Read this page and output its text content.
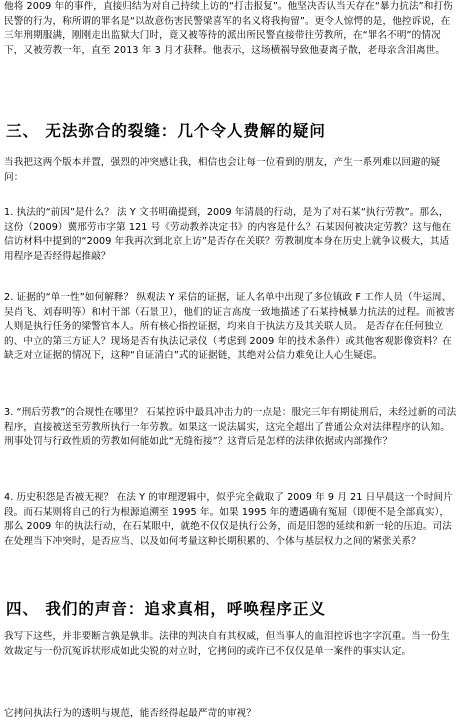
他将 2009 年的事件，直接归结为对自己持续上访的“打击报复”。他坚决否认当天存在“暴力抗法”和打伤民警的行为，称所谓的罪名是“以故意伤害民警梁喜军的名义将我拘留”。更令人惊愕的是，他控诉说，在三年刑期服满，刚刚走出监狱大门时，竟又被等待的派出所民警直接带往劳教所，在“罪名不明”的情况下，又被劳教一年，直至 2013 年 3 月才获释。他表示，这场横祸导致他妻离子散，老母亲含泪离世。

三、 无法弥合的裂缝：几个令人费解的疑问

当我把这两个版本并置，强烈的冲突感让我，相信也会让每一位看到的朋友，产生一系列难以回避的疑问：

1. 执法的“前因”是什么？ 法 Y 文书明确提到，2009 年清晨的行动，是为了对石某“执行劳教”。那么，这份（2009）冀邢劳市字第 121 号《劳动教养决定书》的内容是什么？石某因何被决定劳教？这与他在信访材料中提到的“2009 年我再次到北京上访”是否存在关联？劳教制度本身在历史上就争议极大，其适用程序是否经得起推敲？

2. 证据的“单一性”如何解释？ 纵观法 Y 采信的证据，证人名单中出现了多位镇政 F 工作人员（牛运周、吴肖飞、刘春明等）和村干部（石景卫），他们的证言高度一致地描述了石某持械暴力抗法的过程。而被害人则是执行任务的梁警官本人。所有核心指控证据，均来自于执法方及其关联人员。 是否存在任何独立的、中立的第三方证人？现场是否有执法记录仪（考虑到 2009 年的技术条件）或其他客观影像资料？在缺乏对立证据的情况下，这种“自证清白”式的证据链，其绝对公信力难免让人心生疑虑。

3. “刑后劳教”的合规性在哪里？ 石某控诉中最具冲击力的一点是：服完三年有期徒刑后，未经过新的司法程序，直接被送至劳教所执行一年劳教。如果这一说法属实，这完全超出了普通公众对法律程序的认知。刑事处罚与行政性质的劳教如何能如此“无缝衔接”？这背后是怎样的法律依据或内部操作？

4. 历史积怨是否被无视？ 在法 Y 的审理逻辑中，似乎完全截取了 2009 年 9 月 21 日早晨这一个时间片段。而石某则将自己的行为根源追溯至 1995 年。如果 1995 年的遭遇确有冤屈（即便不是全部真实），那么 2009 年的执法行动，在石某眼中，就绝不仅仅是执行公务，而是旧怨的延续和新一轮的压迫。司法在处理当下冲突时，是否应当、以及如何考量这种长期积累的、个体与基层权力之间的紧张关系？

四、 我们的声音：追求真相，呼唤程序正义

我写下这些，并非要断言孰是孰非。法律的判决自有其权威，但当事人的血泪控诉也字字沉重。当一份生效裁定与一份沉冤诉状形成如此尖锐的对立时，它拷问的或许已不仅仅是单一案件的事实认定。

它拷问执法行为的透明与规范，能否经得起最严苛的审视？
